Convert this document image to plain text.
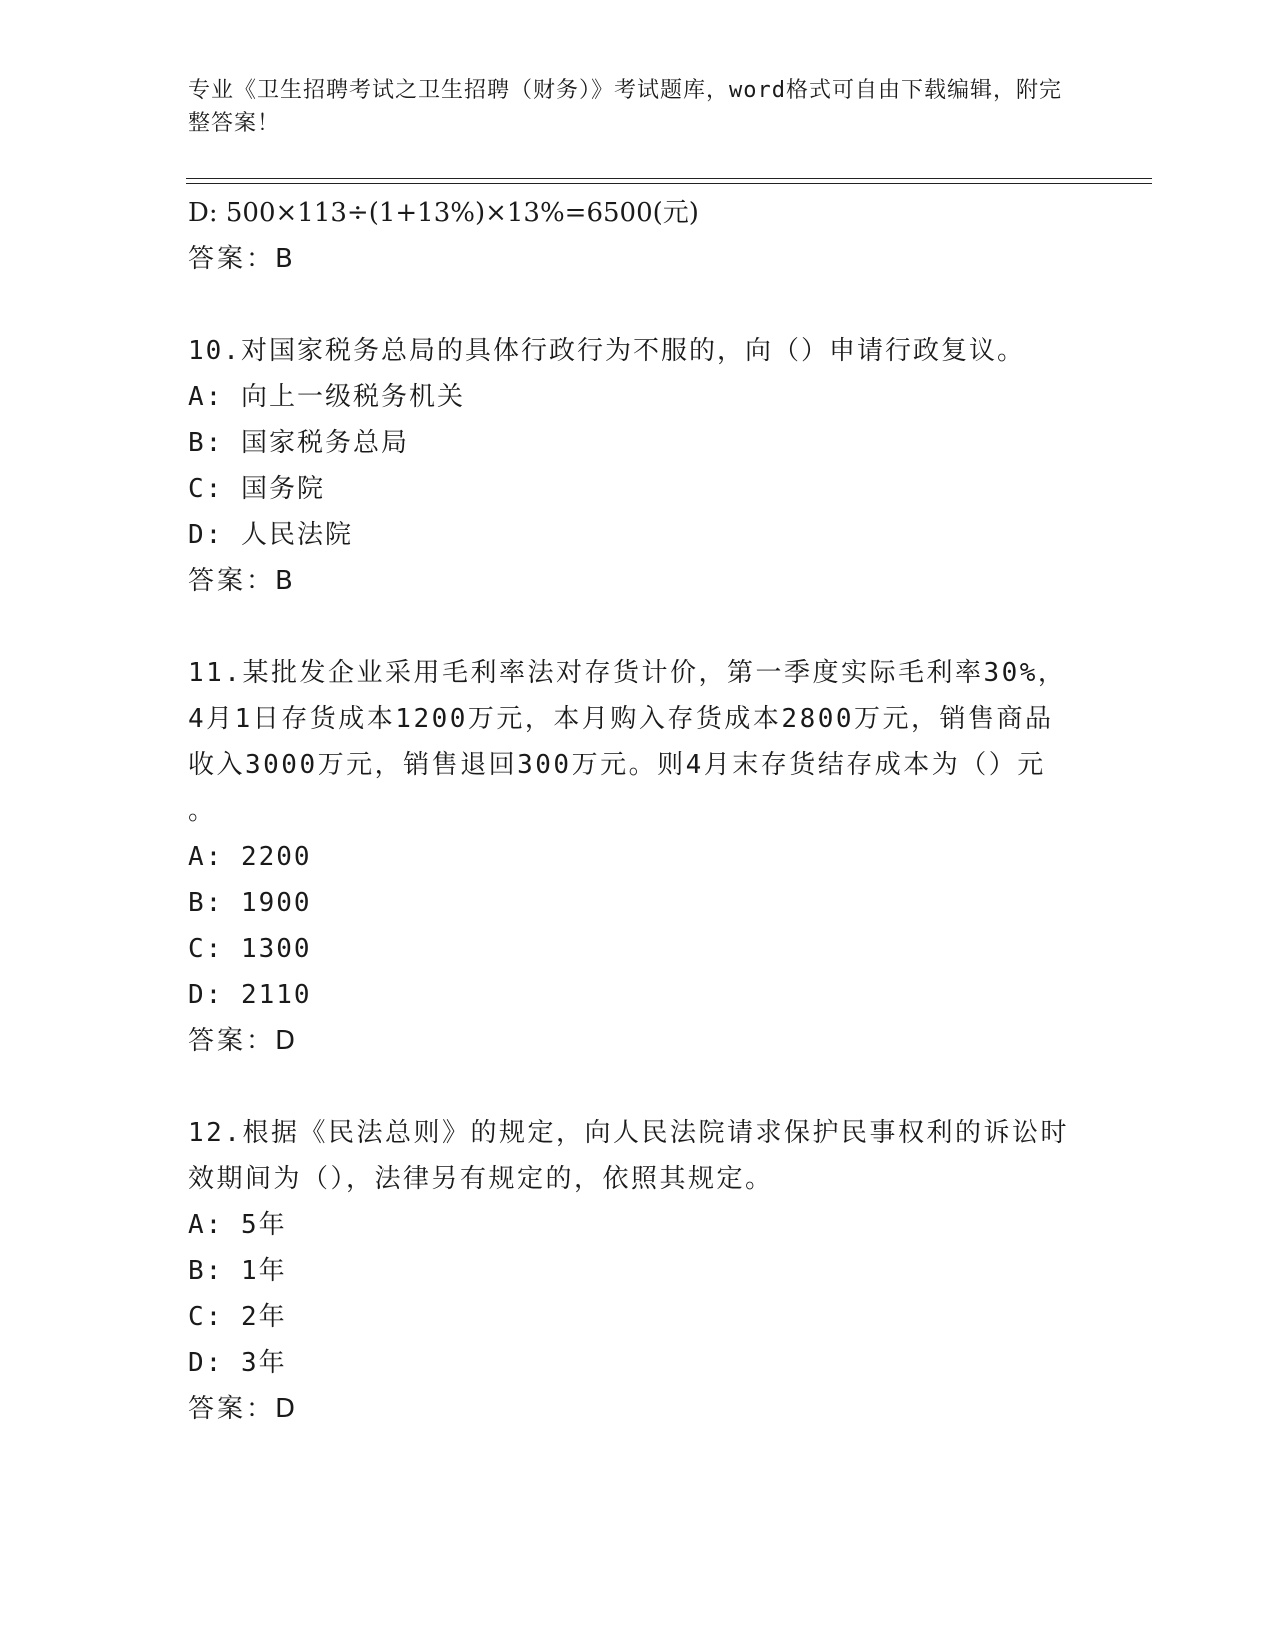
专业《卫生招聘考试之卫生招聘（财务）》考试题库，word格式可自由下载编辑，附完整答案！
D: 500×113÷(1+13%)×13%=6500(元)
答案：B
10.对国家税务总局的具体行政行为不服的，向（）申请行政复议。
A: 向上一级税务机关
B: 国家税务总局
C: 国务院
D: 人民法院
答案：B
11.某批发企业采用毛利率法对存货计价，第一季度实际毛利率30%，
4月1日存货成本1200万元，本月购入存货成本2800万元，销售商品
收入3000万元，销售退回300万元。则4月末存货结存成本为（）元
。
A: 2200
B: 1900
C: 1300
D: 2110
答案：D
12.根据《民法总则》的规定，向人民法院请求保护民事权利的诉讼时
效期间为（），法律另有规定的，依照其规定。
A: 5年
B: 1年
C: 2年
D: 3年
答案：D
